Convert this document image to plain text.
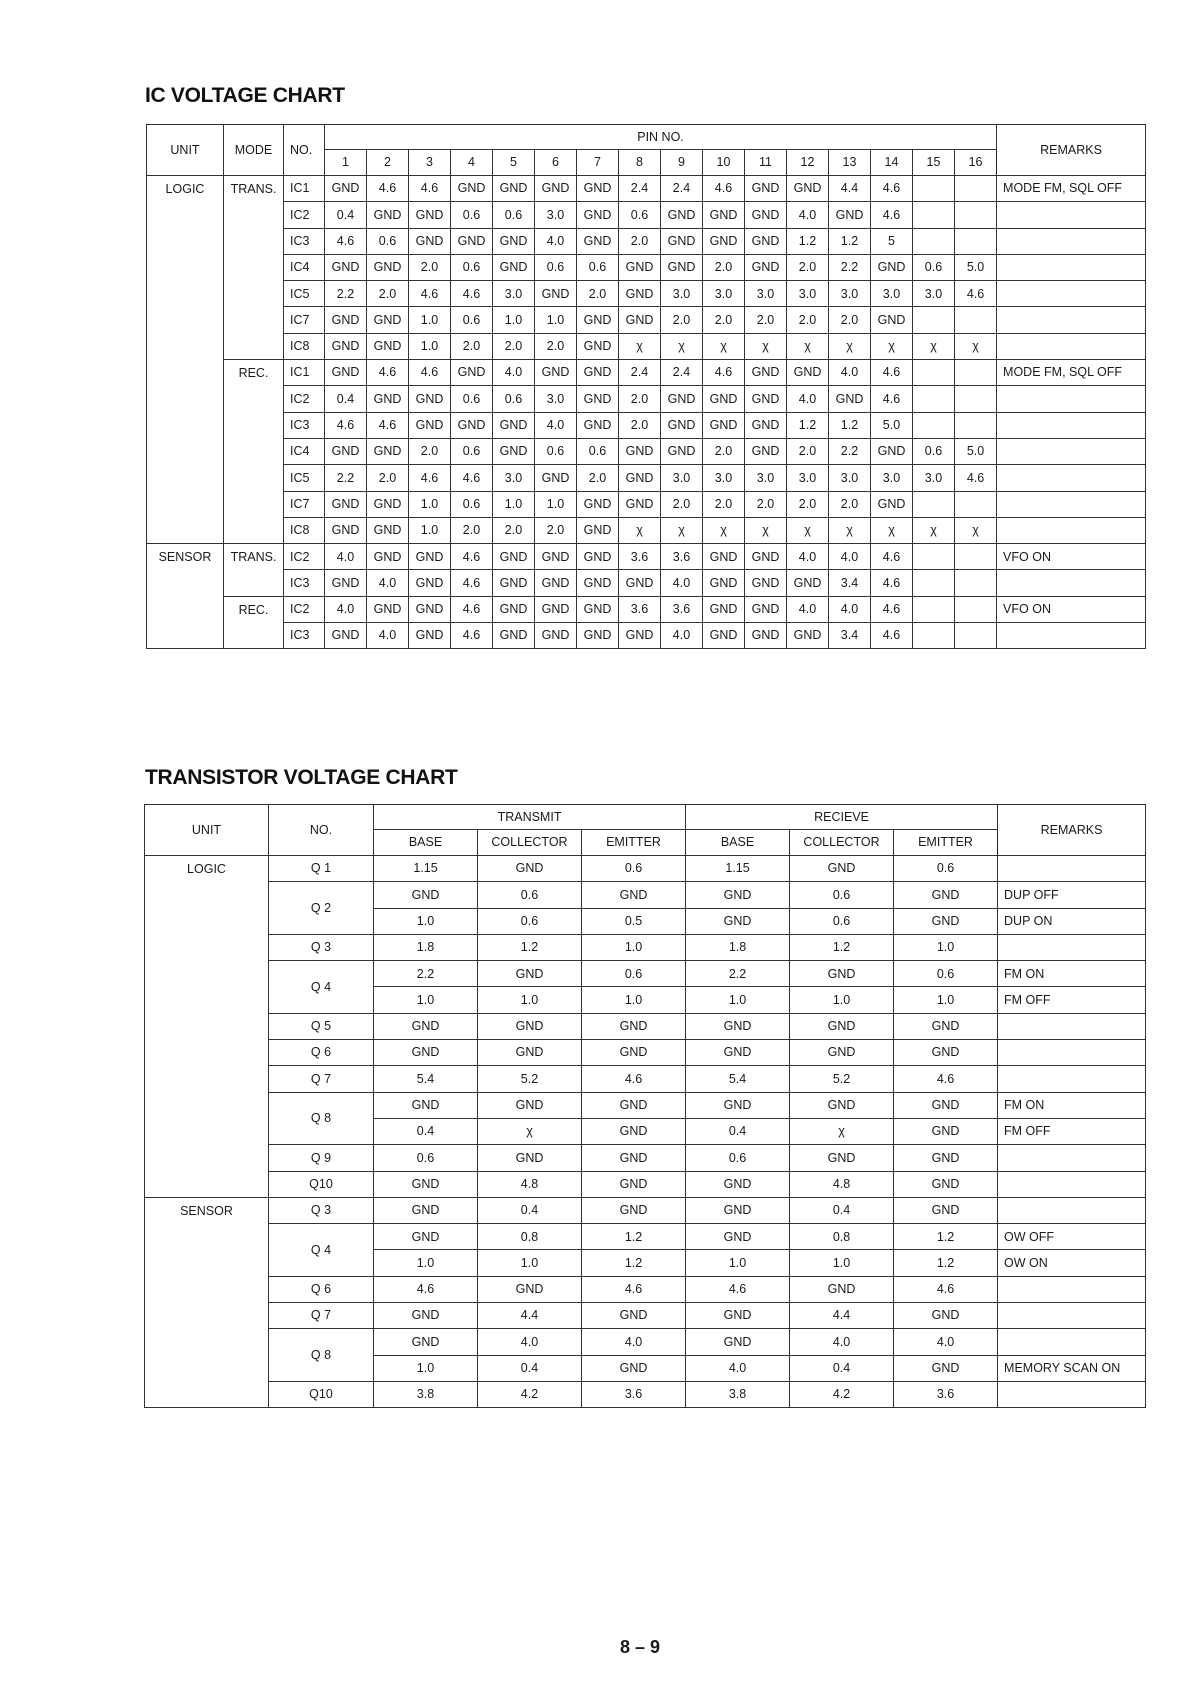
IC VOLTAGE CHART
UNIT	MODE	NO.	PIN NO.																REMARKS
			1	2	3	4	5	6	7	8	9	10	11	12	13	14	15	16	
LOGIC	TRANS.	IC1	GND	4.6	4.6	GND	GND	GND	GND	2.4	2.4	4.6	GND	GND	4.4	4.6			MODE FM, SQL OFF
		IC2	0.4	GND	GND	0.6	0.6	3.0	GND	0.6	GND	GND	GND	4.0	GND	4.6			
		IC3	4.6	0.6	GND	GND	GND	4.0	GND	2.0	GND	GND	GND	1.2	1.2	5			
		IC4	GND	GND	2.0	0.6	GND	0.6	0.6	GND	GND	2.0	GND	2.0	2.2	GND	0.6	5.0	
		IC5	2.2	2.0	4.6	4.6	3.0	GND	2.0	GND	3.0	3.0	3.0	3.0	3.0	3.0	3.0	4.6	
		IC7	GND	GND	1.0	0.6	1.0	1.0	GND	GND	2.0	2.0	2.0	2.0	2.0	GND			
		IC8	GND	GND	1.0	2.0	2.0	2.0	GND	χ	χ	χ	χ	χ	χ	χ	χ	χ	
	REC.	IC1	GND	4.6	4.6	GND	4.0	GND	GND	2.4	2.4	4.6	GND	GND	4.0	4.6			MODE FM, SQL OFF
		IC2	0.4	GND	GND	0.6	0.6	3.0	GND	2.0	GND	GND	GND	4.0	GND	4.6			
		IC3	4.6	4.6	GND	GND	GND	4.0	GND	2.0	GND	GND	GND	1.2	1.2	5.0			
		IC4	GND	GND	2.0	0.6	GND	0.6	0.6	GND	GND	2.0	GND	2.0	2.2	GND	0.6	5.0	
		IC5	2.2	2.0	4.6	4.6	3.0	GND	2.0	GND	3.0	3.0	3.0	3.0	3.0	3.0	3.0	4.6	
		IC7	GND	GND	1.0	0.6	1.0	1.0	GND	GND	2.0	2.0	2.0	2.0	2.0	GND			
		IC8	GND	GND	1.0	2.0	2.0	2.0	GND	χ	χ	χ	χ	χ	χ	χ	χ	χ	
SENSOR	TRANS.	IC2	4.0	GND	GND	4.6	GND	GND	GND	3.6	3.6	GND	GND	4.0	4.0	4.6			VFO ON
		IC3	GND	4.0	GND	4.6	GND	GND	GND	GND	4.0	GND	GND	GND	3.4	4.6			
	REC.	IC2	4.0	GND	GND	4.6	GND	GND	GND	3.6	3.6	GND	GND	4.0	4.0	4.6			VFO ON
		IC3	GND	4.0	GND	4.6	GND	GND	GND	GND	4.0	GND	GND	GND	3.4	4.6			
TRANSISTOR VOLTAGE CHART
UNIT	NO.	TRANSMIT			RECIEVE			REMARKS
		BASE	COLLECTOR	EMITTER	BASE	COLLECTOR	EMITTER	
LOGIC	Q 1	1.15	GND	0.6	1.15	GND	0.6	
	Q 2	GND	0.6	GND	GND	0.6	GND	DUP OFF
		1.0	0.6	0.5	GND	0.6	GND	DUP ON
	Q 3	1.8	1.2	1.0	1.8	1.2	1.0	
	Q 4	2.2	GND	0.6	2.2	GND	0.6	FM ON
		1.0	1.0	1.0	1.0	1.0	1.0	FM OFF
	Q 5	GND	GND	GND	GND	GND	GND	
	Q 6	GND	GND	GND	GND	GND	GND	
	Q 7	5.4	5.2	4.6	5.4	5.2	4.6	
	Q 8	GND	GND	GND	GND	GND	GND	FM ON
		0.4	χ	GND	0.4	χ	GND	FM OFF
	Q 9	0.6	GND	GND	0.6	GND	GND	
	Q10	GND	4.8	GND	GND	4.8	GND	
SENSOR	Q 3	GND	0.4	GND	GND	0.4	GND	
	Q 4	GND	0.8	1.2	GND	0.8	1.2	OW OFF
		1.0	1.0	1.2	1.0	1.0	1.2	OW ON
	Q 6	4.6	GND	4.6	4.6	GND	4.6	
	Q 7	GND	4.4	GND	GND	4.4	GND	
	Q 8	GND	4.0	4.0	GND	4.0	4.0	
		1.0	0.4	GND	4.0	0.4	GND	MEMORY SCAN ON
	Q10	3.8	4.2	3.6	3.8	4.2	3.6	
8 – 9
